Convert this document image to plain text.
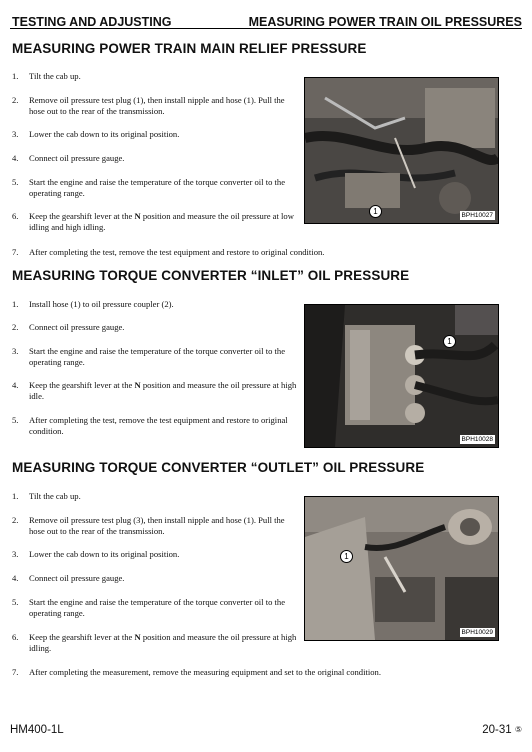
TESTING AND ADJUSTING	MEASURING POWER TRAIN OIL PRESSURES
MEASURING POWER TRAIN MAIN RELIEF PRESSURE
1. Tilt the cab up.
2. Remove oil pressure test plug (1), then install nipple and hose (1). Pull the hose out to the rear of the transmission.
3. Lower the cab down to its original position.
4. Connect oil pressure gauge.
5. Start the engine and raise the temperature of the torque converter oil to the operating range.
6. Keep the gearshift lever at the N position and measure the oil pressure at low idling and high idling.
7. After completing the test, remove the test equipment and restore to original condition.
1	BPH10027
MEASURING TORQUE CONVERTER “INLET” OIL PRESSURE
1. Install hose (1) to oil pressure coupler (2).
2. Connect oil pressure gauge.
3. Start the engine and raise the temperature of the torque converter oil to the operating range.
4. Keep the gearshift lever at the N position and measure the oil pressure at high idle.
5. After completing the test, remove the test equipment and restore to original condition.
1
BPH10028
MEASURING TORQUE CONVERTER “OUTLET” OIL PRESSURE
1. Tilt the cab up.
2. Remove oil pressure test plug (3), then install nipple and hose (1). Pull the hose out to the rear of the transmission.
3. Lower the cab down to its original position.
4. Connect oil pressure gauge.
5. Start the engine and raise the temperature of the torque converter oil to the operating range.
6. Keep the gearshift lever at the N position and measure the oil pressure at high idling.
7. After completing the measurement, remove the measuring equipment and set to the original condition.
1
BPH10029
HM400-1L	20-31 ⑤
